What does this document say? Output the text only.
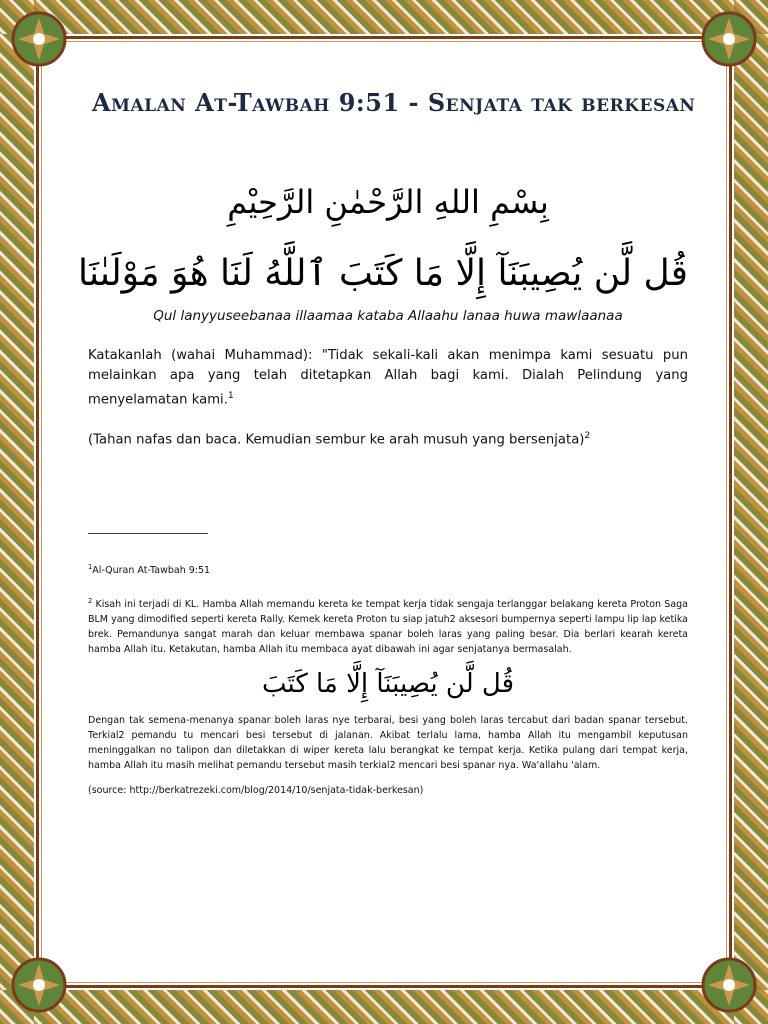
Amalan At-Tawbah 9:51 - Senjata tak berkesan
بِسْمِ اللهِ الرَّحْمٰنِ الرَّحِيْمِ
قُل لَّن يُصِيبَنَآ إِلَّا مَا كَتَبَ ٱللَّهُ لَنَا هُوَ مَوْلَىٰنَا
Qul lanyyuseebanaa illaamaa kataba Allaahu lanaa huwa mawlaanaa
Katakanlah (wahai Muhammad): "Tidak sekali-kali akan menimpa kami sesuatu pun melainkan apa yang telah ditetapkan Allah bagi kami. Dialah Pelindung yang menyelamatan kami.$^1$
(Tahan nafas dan baca. Kemudian sembur ke arah musuh yang bersenjata)$^2$
$^1$Al-Quran At-Tawbah 9:51
$^2$ Kisah ini terjadi di KL. Hamba Allah memandu kereta ke tempat kerja tidak sengaja terlanggar belakang kereta Proton Saga BLM yang dimodified seperti kereta Rally. Kemek kereta Proton tu siap jatuh2 aksesori bumpernya seperti lampu lip lap ketika brek. Pemandunya sangat marah dan keluar membawa spanar boleh laras yang paling besar. Dia berlari kearah kereta hamba Allah itu. Ketakutan, hamba Allah itu membaca ayat dibawah ini agar senjatanya bermasalah.
قُل لَّن يُصِيبَنَآ إِلَّا مَا كَتَبَ
Dengan tak semena-menanya spanar boleh laras nye terbarai, besi yang boleh laras tercabut dari badan spanar tersebut. Terkial2 pemandu tu mencari besi tersebut di jalanan. Akibat terlalu lama, hamba Allah itu mengambil keputusan meninggalkan no talipon dan diletakkan di wiper kereta lalu berangkat ke tempat kerja. Ketika pulang dari tempat kerja, hamba Allah itu masih melihat pemandu tersebut masih terkial2 mencari besi spanar nya. Wa'allahu 'alam.
(source: http://berkatrezeki.com/blog/2014/10/senjata-tidak-berkesan)
